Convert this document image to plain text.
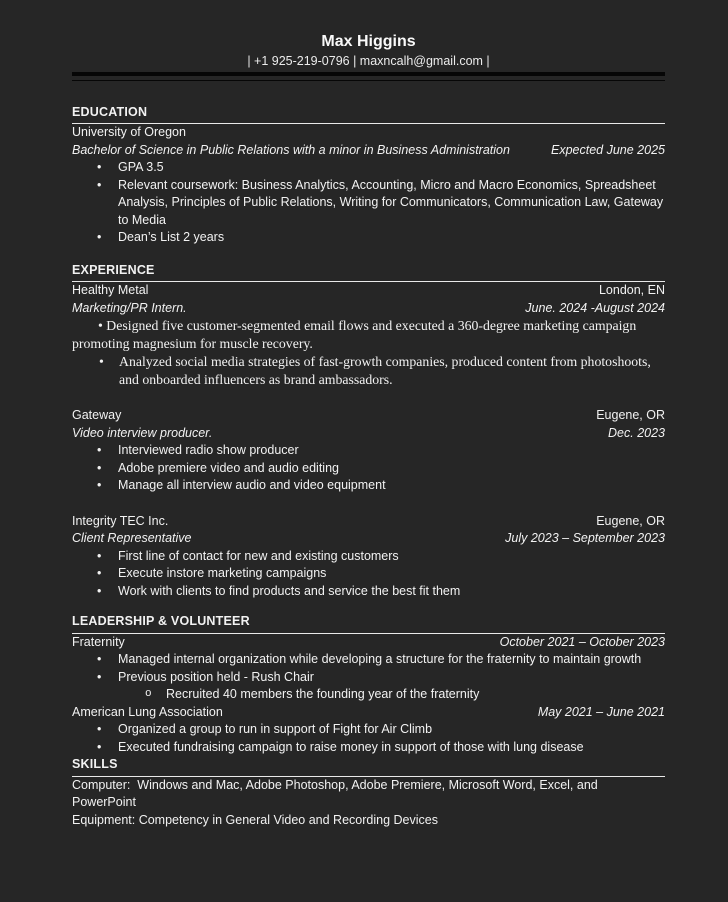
Max Higgins
| +1 925-219-0796 | maxncalh@gmail.com |
EDUCATION
University of Oregon
Bachelor of Science in Public Relations with a minor in Business Administration	Expected June 2025
•	GPA 3.5
•	Relevant coursework: Business Analytics, Accounting, Micro and Macro Economics, Spreadsheet Analysis, Principles of Public Relations, Writing for Communicators, Communication Law, Gateway to Media
•	Dean’s List 2 years
EXPERIENCE
Healthy Metal	London, EN
Marketing/PR Intern.	June. 2024 -August 2024
• Designed five customer-segmented email flows and executed a 360-degree marketing campaign promoting magnesium for muscle recovery.
•	Analyzed social media strategies of fast-growth companies, produced content from photoshoots, and onboarded influencers as brand ambassadors.
Gateway	Eugene, OR
Video interview producer.	Dec. 2023
•	Interviewed radio show producer
•	Adobe premiere video and audio editing
•	Manage all interview audio and video equipment
Integrity TEC Inc.	Eugene, OR
Client Representative	July 2023 – September 2023
•	First line of contact for new and existing customers
•	Execute instore marketing campaigns
•	Work with clients to find products and service the best fit them
LEADERSHIP & VOLUNTEER
Fraternity	October 2021 – October 2023
•	Managed internal organization while developing a structure for the fraternity to maintain growth
•	Previous position held - Rush Chair
o	Recruited 40 members the founding year of the fraternity
American Lung Association	May 2021 – June 2021
•	Organized a group to run in support of Fight for Air Climb
•	Executed fundraising campaign to raise money in support of those with lung disease
SKILLS
Computer:  Windows and Mac, Adobe Photoshop, Adobe Premiere, Microsoft Word, Excel, and PowerPoint
Equipment: Competency in General Video and Recording Devices
